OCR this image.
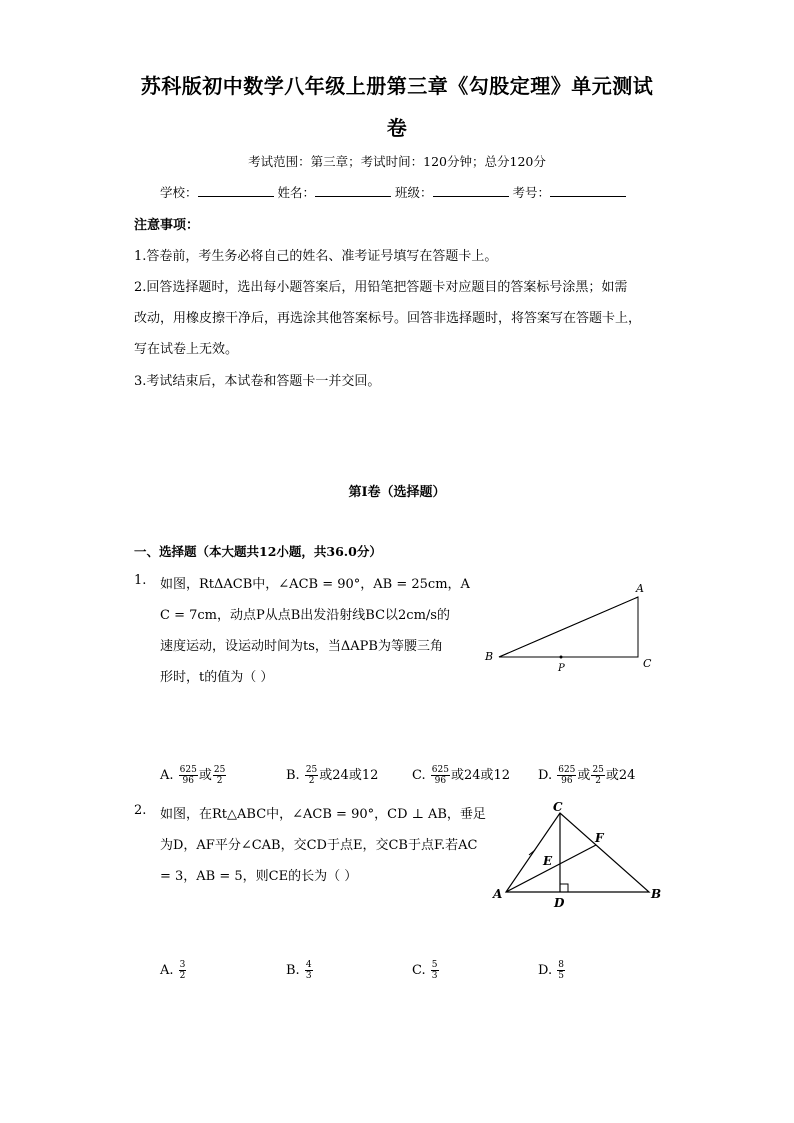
苏科版初中数学八年级上册第三章《勾股定理》单元测试
卷
考试范围：第三章；考试时间：120分钟；总分120分
学校：	姓名：	班级：	考号：
注意事项：
1.答卷前，考生务必将自己的姓名、准考证号填写在答题卡上。
2.回答选择题时，选出每小题答案后，用铅笔把答题卡对应题目的答案标号涂黑；如需
改动，用橡皮擦干净后，再选涂其他答案标号。回答非选择题时，将答案写在答题卡上，
写在试卷上无效。
3.考试结束后，本试卷和答题卡一并交回。
第I卷（选择题）
一、选择题（本大题共12小题，共36.0分）
1. 如图，RtΔACB中，∠ACB = 90°，AB = 25cm，A
C = 7cm，动点P从点B出发沿射线BC以2cm/s的
速度运动，设运动时间为ts，当ΔAPB为等腰三角
形时，t的值为（ ）
A
B
C
P
A. $\frac{625}{96}$ 或 $\frac{25}{2}$	B. $\frac{25}{2}$ 或24或12	C. $\frac{625}{96}$ 或24或12 D. $\frac{625}{96}$ 或 $\frac{25}{2}$ 或24
2. 如图，在Rt△ABC中，∠ACB = 90°，CD ⊥ AB，垂足
为D，AF平分∠CAB，交CD于点E，交CB于点F.若AC
= 3，AB = 5，则CE的长为（ ）
C
A	B
D
E
F
A. $\frac{3}{2}$	B. $\frac{4}{3}$	C. $\frac{5}{3}$	D. $\frac{8}{5}$
